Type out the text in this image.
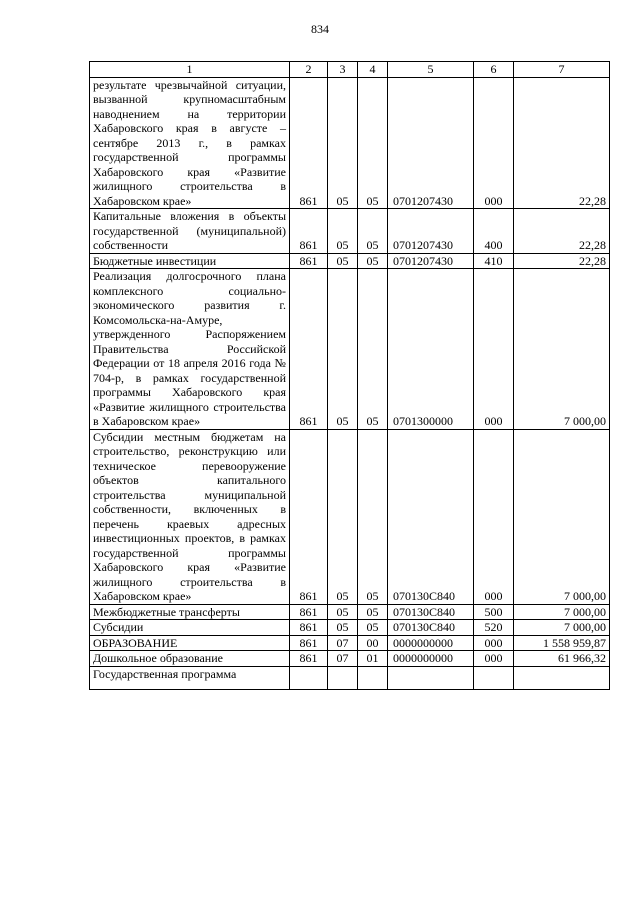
834
1	2	3	4	5	6	7
результате чрезвычайной ситуации, вызванной крупномасштабным наводнением на территории Хабаровского края в августе – сентябре 2013 г., в рамках государственной программы Хабаровского края «Развитие жилищного строительства в Хабаровском крае»	861	05	05	0701207430	000	22,28
Капитальные вложения в объекты государственной (муниципальной) собственности	861	05	05	0701207430	400	22,28
Бюджетные инвестиции	861	05	05	0701207430	410	22,28
Реализация долгосрочного плана комплексного социально-экономического развития г. Комсомольска-на-Амуре, утвержденного Распоряжением Правительства Российской Федерации от 18 апреля 2016 года № 704-р, в рамках государственной программы Хабаровского края «Развитие жилищного строительства в Хабаровском крае»	861	05	05	0701300000	000	7 000,00
Субсидии местным бюджетам на строительство, реконструкцию или техническое перевооружение объектов капитального строительства муниципальной собственности, включенных в перечень краевых адресных инвестиционных проектов, в рамках государственной программы Хабаровского края «Развитие жилищного строительства в Хабаровском крае»	861	05	05	070130С840	000	7 000,00
Межбюджетные трансферты	861	05	05	070130С840	500	7 000,00
Субсидии	861	05	05	070130С840	520	7 000,00
ОБРАЗОВАНИЕ	861	07	00	0000000000	000	1 558 959,87
Дошкольное образование	861	07	01	0000000000	000	61 966,32
Государственная программа						
